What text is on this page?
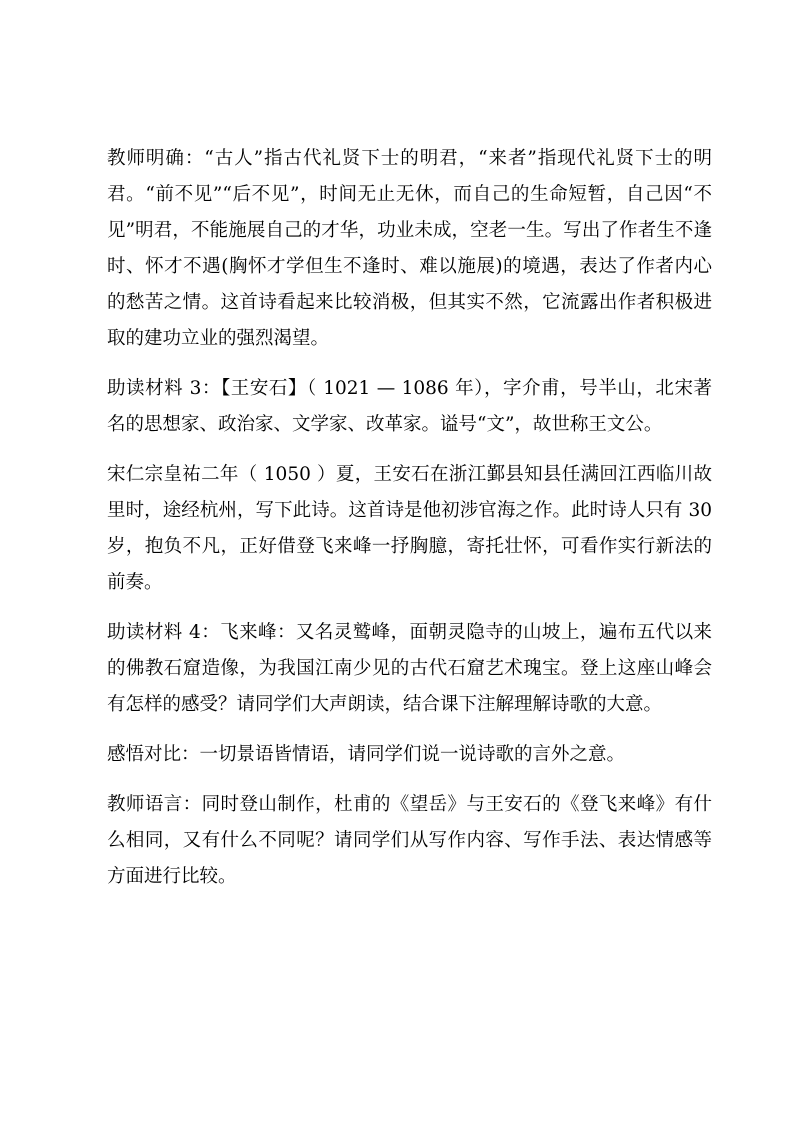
教师明确：“古人”指古代礼贤下士的明君，“来者”指现代礼贤下士的明君。“前不见”“后不见”，时间无止无休，而自己的生命短暂，自己因“不见”明君，不能施展自己的才华，功业未成，空老一生。写出了作者生不逢时、怀才不遇(胸怀才学但生不逢时、难以施展)的境遇，表达了作者内心的愁苦之情。这首诗看起来比较消极，但其实不然，它流露出作者积极进取的建功立业的强烈渴望。

助读材料 3：【王安石】（ 1021 — 1086 年），字介甫，号半山，北宋著名的思想家、政治家、文学家、改革家。谥号“文”，故世称王文公。

宋仁宗皇祐二年（ 1050 ）夏，王安石在浙江鄞县知县任满回江西临川故里时，途经杭州，写下此诗。这首诗是他初涉官海之作。此时诗人只有 30 岁，抱负不凡，正好借登飞来峰一抒胸臆，寄托壮怀，可看作实行新法的前奏。

助读材料 4：飞来峰：又名灵鹫峰，面朝灵隐寺的山坡上，遍布五代以来的佛教石窟造像，为我国江南少见的古代石窟艺术瑰宝。登上这座山峰会有怎样的感受？请同学们大声朗读，结合课下注解理解诗歌的大意。

感悟对比：一切景语皆情语，请同学们说一说诗歌的言外之意。

教师语言：同时登山制作，杜甫的《望岳》与王安石的《登飞来峰》有什么相同，又有什么不同呢？请同学们从写作内容、写作手法、表达情感等方面进行比较。
